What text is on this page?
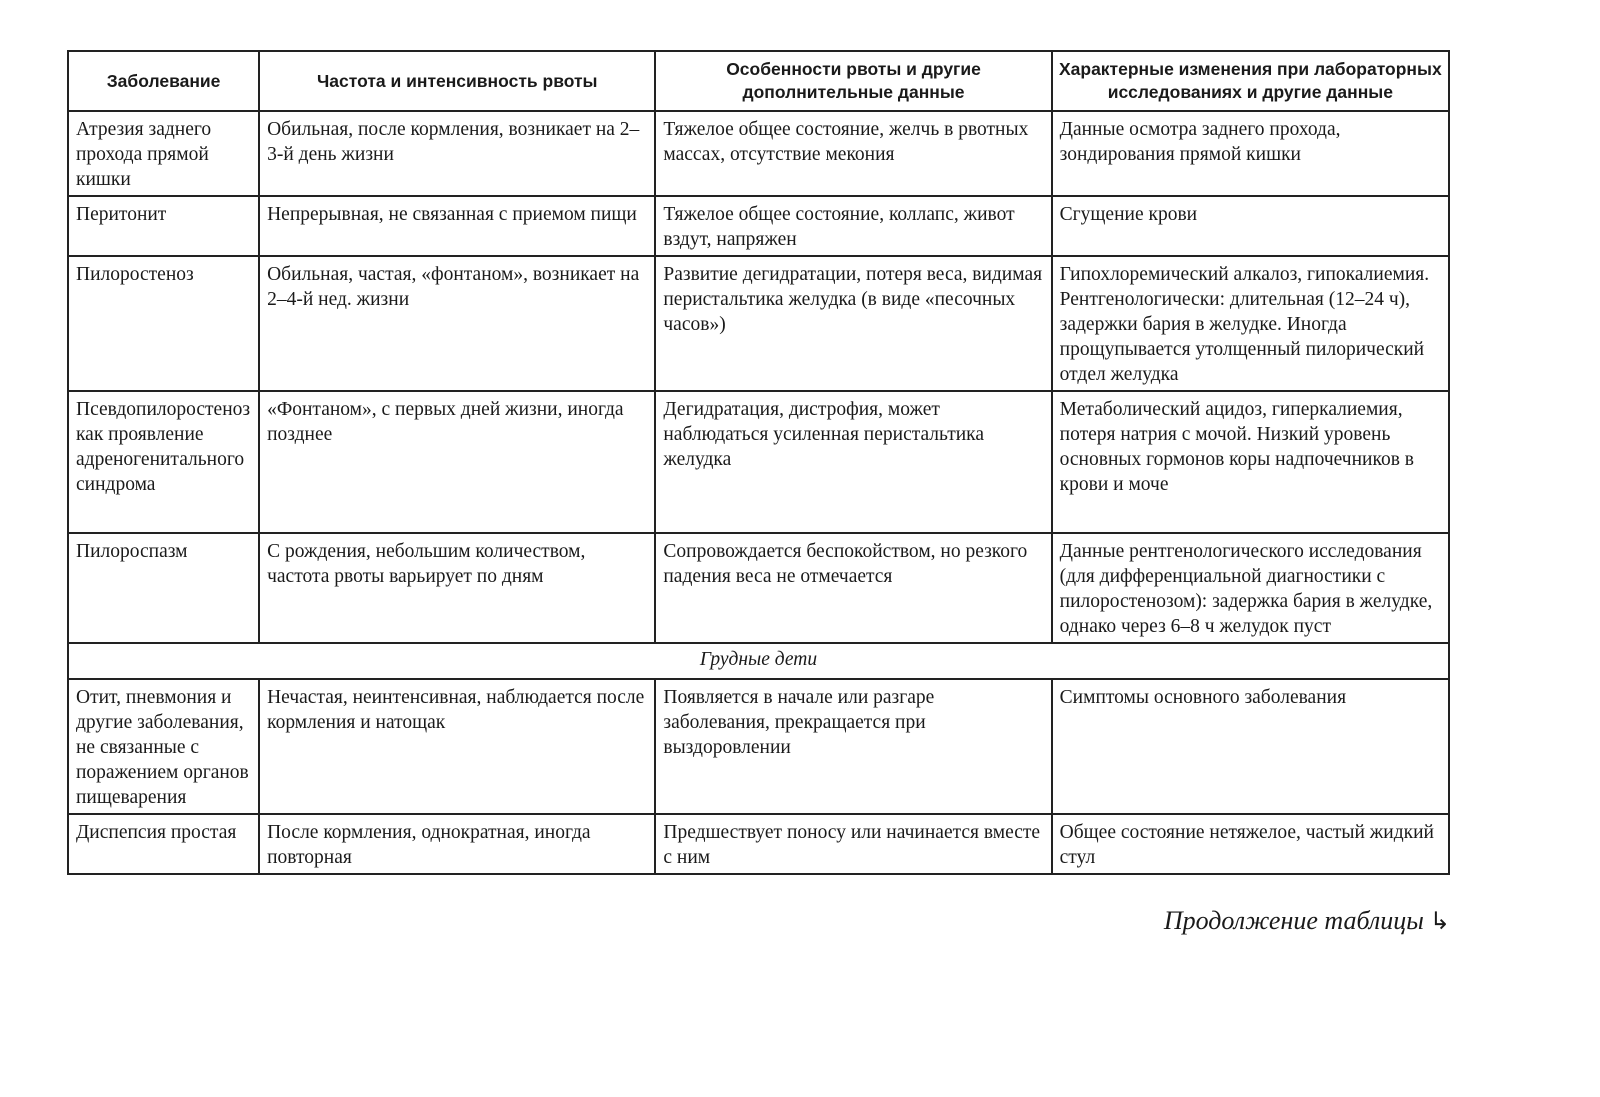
Заболевание	Частота и интенсивность рвоты	Особенности рвоты и другие дополнительные данные	Характерные изменения при лабораторных исследованиях и другие данные
Атрезия заднего прохода прямой кишки	Обильная, после кормления, возникает на 2–3-й день жизни	Тяжелое общее состояние, желчь в рвотных массах, отсутствие мекония	Данные осмотра заднего прохода, зондирования прямой кишки
Перитонит	Непрерывная, не связанная с приемом пищи	Тяжелое общее состояние, коллапс, живот вздут, напряжен	Сгущение крови
Пилоростеноз	Обильная, частая, «фонтаном», возникает на 2–4-й нед. жизни	Развитие дегидратации, потеря веса, видимая перистальтика желудка (в виде «песочных часов»)	Гипохлоремический алкалоз, гипокалиемия. Рентгенологически: длительная (12–24 ч), задержки бария в желудке. Иногда прощупывается утолщенный пилорический отдел желудка
Псевдопилоростеноз как проявление адреногенитального синдрома	«Фонтаном», с первых дней жизни, иногда позднее	Дегидратация, дистрофия, может наблюдаться усиленная перистальтика желудка	Метаболический ацидоз, гиперкалиемия, потеря натрия с мочой. Низкий уровень основных гормонов коры надпочечников в крови и моче
Пилороспазм	С рождения, небольшим количеством, частота рвоты варьирует по дням	Сопровождается беспокойством, но резкого падения веса не отмечается	Данные рентгенологического исследования (для дифференциальной диагностики с пилоростенозом): задержка бария в желудке, однако через 6–8 ч желудок пуст
Грудные дети			
Отит, пневмония и другие заболевания, не связанные с поражением органов пищеварения	Нечастая, неинтенсивная, наблюдается после кормления и натощак	Появляется в начале или разгаре заболевания, прекращается при выздоровлении	Симптомы основного заболевания
Диспепсия простая	После кормления, однократная, иногда повторная	Предшествует поносу или начинается вместе с ним	Общее состояние нетяжелое, частый жидкий стул
Продолжение таблицы ↳
